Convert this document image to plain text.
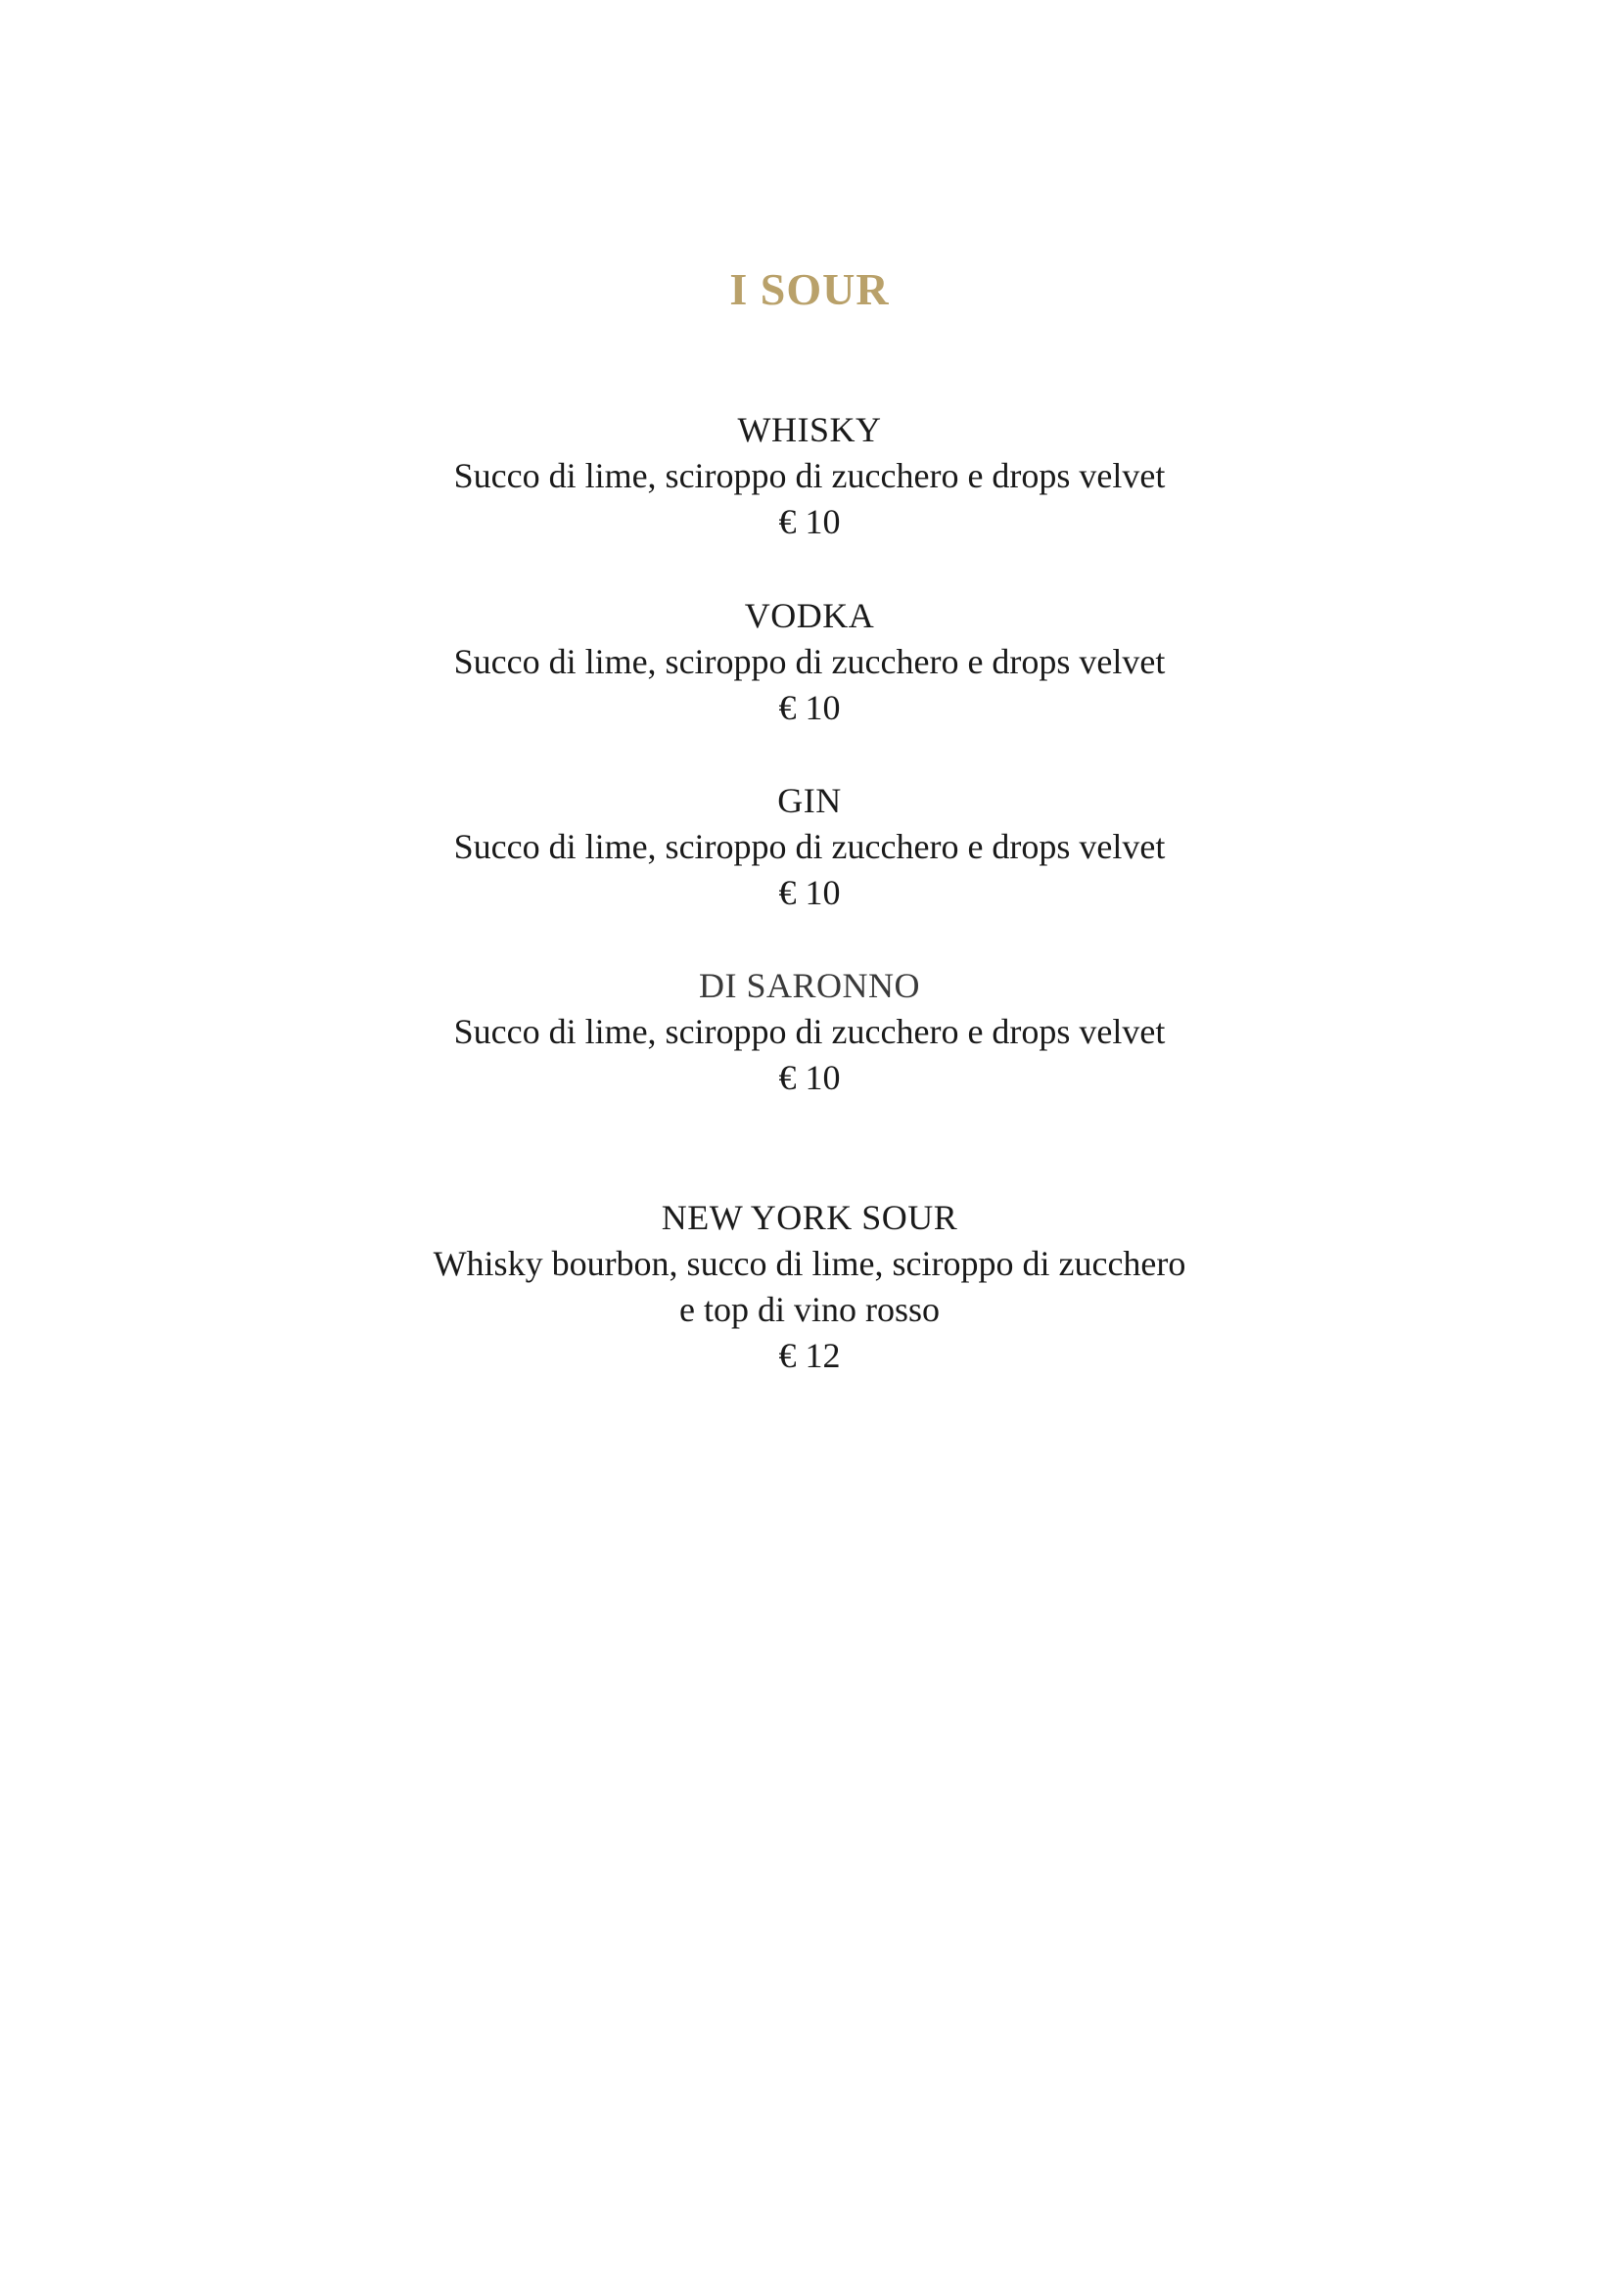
I SOUR
WHISKY
Succo di lime, sciroppo di zucchero e drops velvet
€ 10
VODKA
Succo di lime, sciroppo di zucchero e drops velvet
€ 10
GIN
Succo di lime, sciroppo di zucchero e drops velvet
€ 10
DI SARONNO
Succo di lime, sciroppo di zucchero e drops velvet
€ 10
NEW YORK SOUR
Whisky bourbon, succo di lime, sciroppo di zucchero
e top di vino rosso
€ 12
